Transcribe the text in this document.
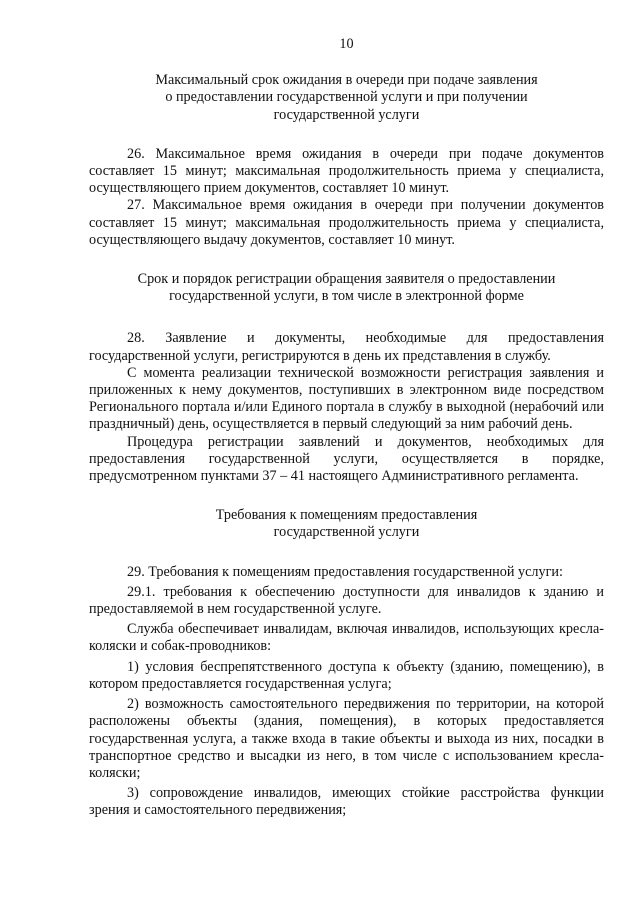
10
Максимальный срок ожидания в очереди при подаче заявления
о предоставлении государственной услуги и при получении
государственной услуги

26. Максимальное время ожидания в очереди при подаче документов составляет 15 минут; максимальная продолжительность приема у специалиста, осуществляющего прием документов, составляет 10 минут.

27. Максимальное время ожидания в очереди при получении документов составляет 15 минут; максимальная продолжительность приема у специалиста, осуществляющего выдачу документов, составляет 10 минут.

Срок и порядок регистрации обращения заявителя о предоставлении
государственной услуги, в том числе в электронной форме

28. Заявление и документы, необходимые для предоставления государственной услуги, регистрируются в день их представления в службу.

С момента реализации технической возможности регистрация заявления и приложенных к нему документов, поступивших в электронном виде посредством Регионального портала и/или Единого портала в службу в выходной (нерабочий или праздничный) день, осуществляется в первый следующий за ним рабочий день.

Процедура регистрации заявлений и документов, необходимых для предоставления государственной услуги, осуществляется в порядке, предусмотренном пунктами 37 – 41 настоящего Административного регламента.

Требования к помещениям предоставления
государственной услуги

29. Требования к помещениям предоставления государственной услуги:

29.1. требования к обеспечению доступности для инвалидов к зданию и предоставляемой в нем государственной услуге.

Служба обеспечивает инвалидам, включая инвалидов, использующих кресла-коляски и собак-проводников:

1) условия беспрепятственного доступа к объекту (зданию, помещению), в котором предоставляется государственная услуга;

2) возможность самостоятельного передвижения по территории, на которой расположены объекты (здания, помещения), в которых предоставляется государственная услуга, а также входа в такие объекты и выхода из них, посадки в транспортное средство и высадки из него, в том числе с использованием кресла-коляски;

3) сопровождение инвалидов, имеющих стойкие расстройства функции зрения и самостоятельного передвижения;
